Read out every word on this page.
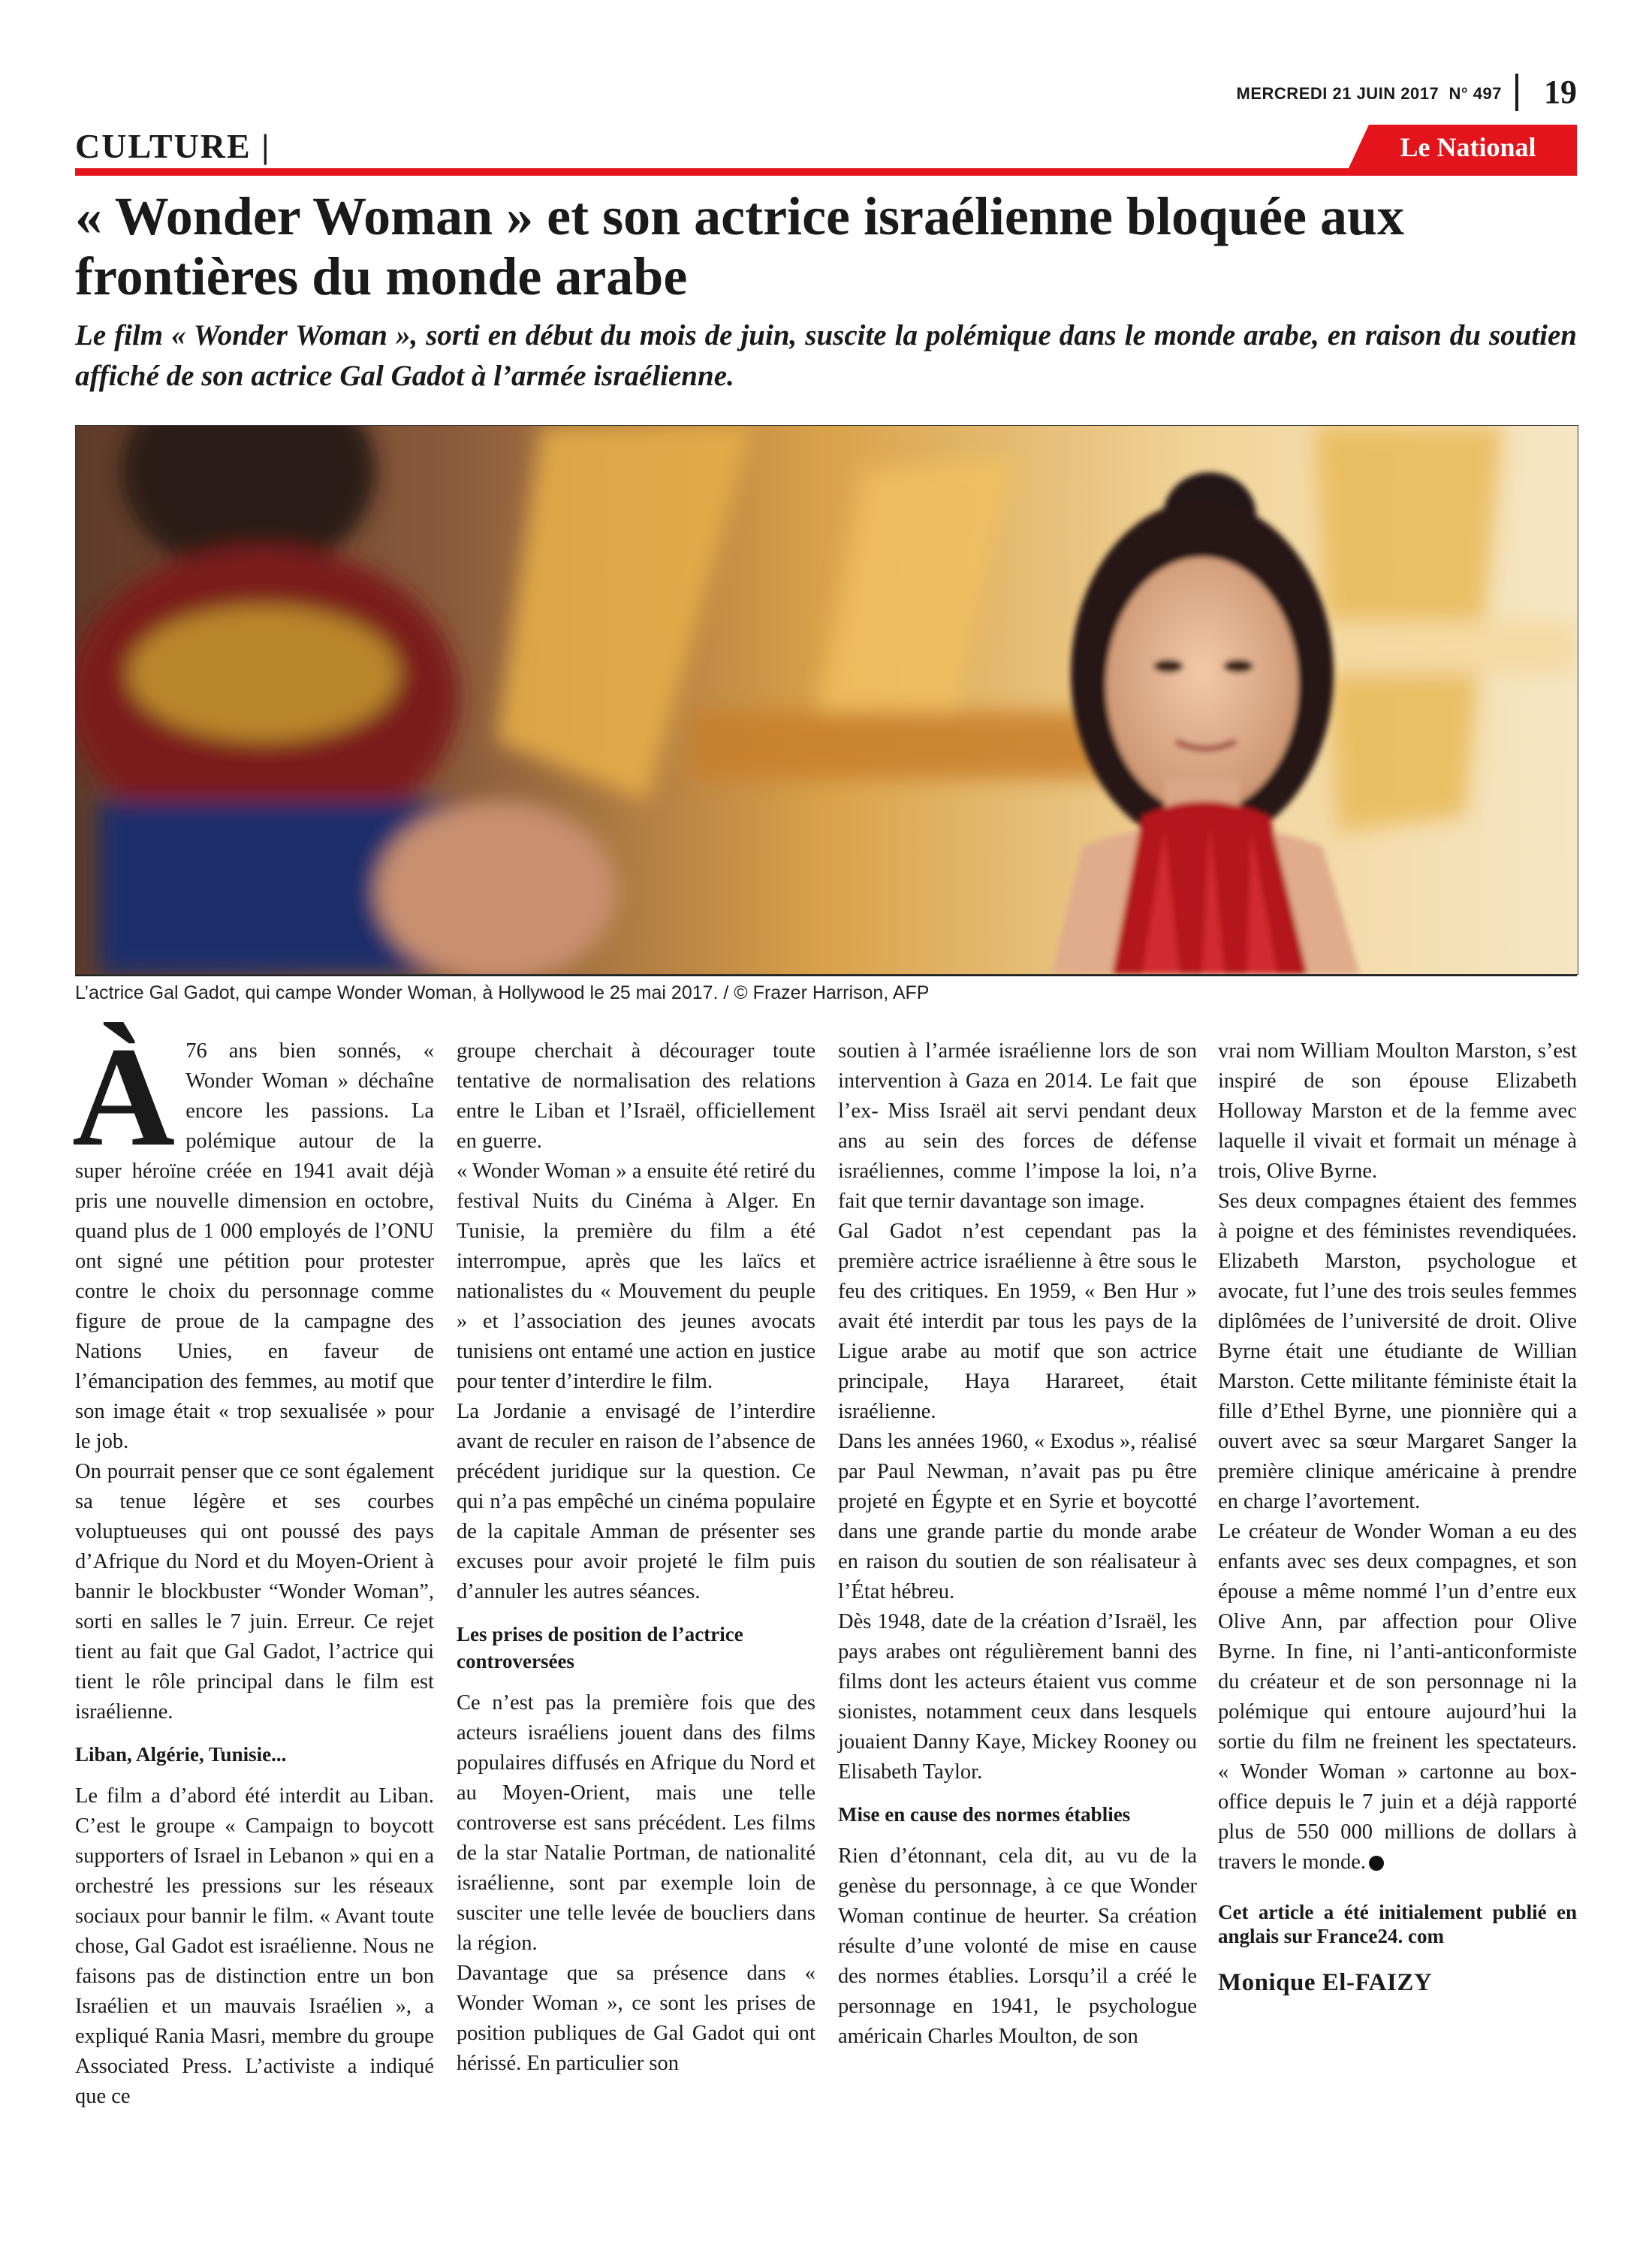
MERCREDI 21 JUIN 2017 N° 497 19
CULTURE |	Le National
« Wonder Woman » et son actrice israélienne bloquée aux frontières du monde arabe

Le film « Wonder Woman », sorti en début du mois de juin, suscite la polémique dans le monde arabe, en raison du soutien affiché de son actrice Gal Gadot à l’armée israélienne.

L’actrice Gal Gadot, qui campe Wonder Woman, à Hollywood le 25 mai 2017. / © Frazer Harrison, AFP

À 76 ans bien sonnés, « Wonder Woman » déchaîne encore les passions. La polémique autour de la super héroïne créée en 1941 avait déjà pris une nouvelle dimension en octobre, quand plus de 1 000 employés de l’ONU ont signé une pétition pour protester contre le choix du personnage comme figure de proue de la campagne des Nations Unies, en faveur de l’émancipation des femmes, au motif que son image était « trop sexualisée » pour le job.

On pourrait penser que ce sont également sa tenue légère et ses courbes voluptueuses qui ont poussé des pays d’Afrique du Nord et du Moyen-Orient à bannir le blockbuster “Wonder Woman”, sorti en salles le 7 juin. Erreur. Ce rejet tient au fait que Gal Gadot, l’actrice qui tient le rôle principal dans le film est israélienne.

Liban, Algérie, Tunisie...

Le film a d’abord été interdit au Liban. C’est le groupe « Campaign to boycott supporters of Israel in Lebanon » qui en a orchestré les pressions sur les réseaux sociaux pour bannir le film. « Avant toute chose, Gal Gadot est israélienne. Nous ne faisons pas de distinction entre un bon Israélien et un mauvais Israélien », a expliqué Rania Masri, membre du groupe Associated Press. L’activiste a indiqué que ce

groupe cherchait à décourager toute tentative de normalisation des relations entre le Liban et l’Israël, officiellement en guerre.

« Wonder Woman » a ensuite été retiré du festival Nuits du Cinéma à Alger. En Tunisie, la première du film a été interrompue, après que les laïcs et nationalistes du « Mouvement du peuple » et l’association des jeunes avocats tunisiens ont entamé une action en justice pour tenter d’interdire le film.

La Jordanie a envisagé de l’interdire avant de reculer en raison de l’absence de précédent juridique sur la question. Ce qui n’a pas empêché un cinéma populaire de la capitale Amman de présenter ses excuses pour avoir projeté le film puis d’annuler les autres séances.

Les prises de position de l’actrice controversées

Ce n’est pas la première fois que des acteurs israéliens jouent dans des films populaires diffusés en Afrique du Nord et au Moyen-Orient, mais une telle controverse est sans précédent. Les films de la star Natalie Portman, de nationalité israélienne, sont par exemple loin de susciter une telle levée de boucliers dans la région.

Davantage que sa présence dans « Wonder Woman », ce sont les prises de position publiques de Gal Gadot qui ont hérissé. En particulier son

soutien à l’armée israélienne lors de son intervention à Gaza en 2014. Le fait que l’ex- Miss Israël ait servi pendant deux ans au sein des forces de défense israéliennes, comme l’impose la loi, n’a fait que ternir davantage son image.

Gal Gadot n’est cependant pas la première actrice israélienne à être sous le feu des critiques. En 1959, « Ben Hur » avait été interdit par tous les pays de la Ligue arabe au motif que son actrice principale, Haya Harareet, était israélienne.

Dans les années 1960, « Exodus », réalisé par Paul Newman, n’avait pas pu être projeté en Égypte et en Syrie et boycotté dans une grande partie du monde arabe en raison du soutien de son réalisateur à l’État hébreu.

Dès 1948, date de la création d’Israël, les pays arabes ont régulièrement banni des films dont les acteurs étaient vus comme sionistes, notamment ceux dans lesquels jouaient Danny Kaye, Mickey Rooney ou Elisabeth Taylor.

Mise en cause des normes établies

Rien d’étonnant, cela dit, au vu de la genèse du personnage, à ce que Wonder Woman continue de heurter. Sa création résulte d’une volonté de mise en cause des normes établies. Lorsqu’il a créé le personnage en 1941, le psychologue américain Charles Moulton, de son

vrai nom William Moulton Marston, s’est inspiré de son épouse Elizabeth Holloway Marston et de la femme avec laquelle il vivait et formait un ménage à trois, Olive Byrne.

Ses deux compagnes étaient des femmes à poigne et des féministes revendiquées. Elizabeth Marston, psychologue et avocate, fut l’une des trois seules femmes diplômées de l’université de droit. Olive Byrne était une étudiante de Willian Marston. Cette militante féministe était la fille d’Ethel Byrne, une pionnière qui a ouvert avec sa sœur Margaret Sanger la première clinique américaine à prendre en charge l’avortement.

Le créateur de Wonder Woman a eu des enfants avec ses deux compagnes, et son épouse a même nommé l’un d’entre eux Olive Ann, par affection pour Olive Byrne. In fine, ni l’anti-anticonformiste du créateur et de son personnage ni la polémique qui entoure aujourd’hui la sortie du film ne freinent les spectateurs. « Wonder Woman » cartonne au box-office depuis le 7 juin et a déjà rapporté plus de 550 000 millions de dollars à travers le monde.

Cet article a été initialement publié en anglais sur France24. com

Monique El-FAIZY
